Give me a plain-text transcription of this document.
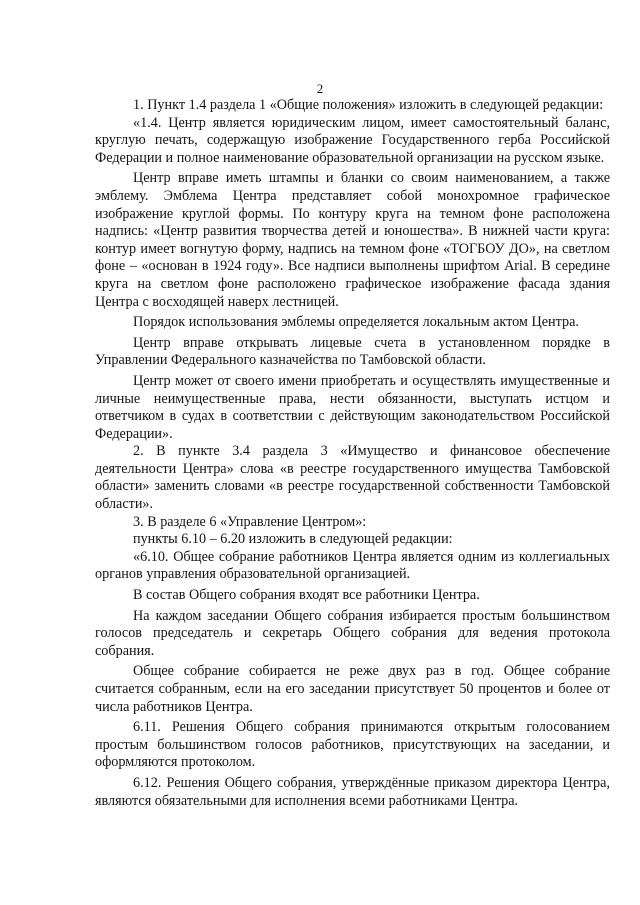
2

1. Пункт 1.4 раздела 1 «Общие положения» изложить в следующей редакции:

«1.4. Центр является юридическим лицом, имеет самостоятельный баланс, круглую печать, содержащую изображение Государственного герба Российской Федерации и полное наименование образовательной организации на русском языке.

Центр вправе иметь штампы и бланки со своим наименованием, а также эмблему. Эмблема Центра представляет собой монохромное графическое изображение круглой формы. По контуру круга на темном фоне расположена надпись: «Центр развития творчества детей и юношества». В нижней части круга: контур имеет вогнутую форму, надпись на темном фоне «ТОГБОУ ДО», на светлом фоне – «основан в 1924 году». Все надписи выполнены шрифтом Arial. В середине круга на светлом фоне расположено графическое изображение фасада здания Центра с восходящей наверх лестницей.

Порядок использования эмблемы определяется локальным актом Центра.

Центр вправе открывать лицевые счета в установленном порядке в Управлении Федерального казначейства по Тамбовской области.

Центр может от своего имени приобретать и осуществлять имущественные и личные неимущественные права, нести обязанности, выступать истцом и ответчиком в судах в соответствии с действующим законодательством Российской Федерации».

2. В пункте 3.4 раздела 3 «Имущество и финансовое обеспечение деятельности Центра» слова «в реестре государственного имущества Тамбовской области» заменить словами «в реестре государственной собственности Тамбовской области».

3. В разделе 6 «Управление Центром»:

пункты 6.10 – 6.20 изложить в следующей редакции:

«6.10. Общее собрание работников Центра является одним из коллегиальных органов управления образовательной организацией.

В состав Общего собрания входят все работники Центра.

На каждом заседании Общего собрания избирается простым большинством голосов председатель и секретарь Общего собрания для ведения протокола собрания.

Общее собрание собирается не реже двух раз в год. Общее собрание считается собранным, если на его заседании присутствует 50 процентов и более от числа работников Центра.

6.11. Решения Общего собрания принимаются открытым голосованием простым большинством голосов работников, присутствующих на заседании, и оформляются протоколом.

6.12. Решения Общего собрания, утверждённые приказом директора Центра, являются обязательными для исполнения всеми работниками Центра.
